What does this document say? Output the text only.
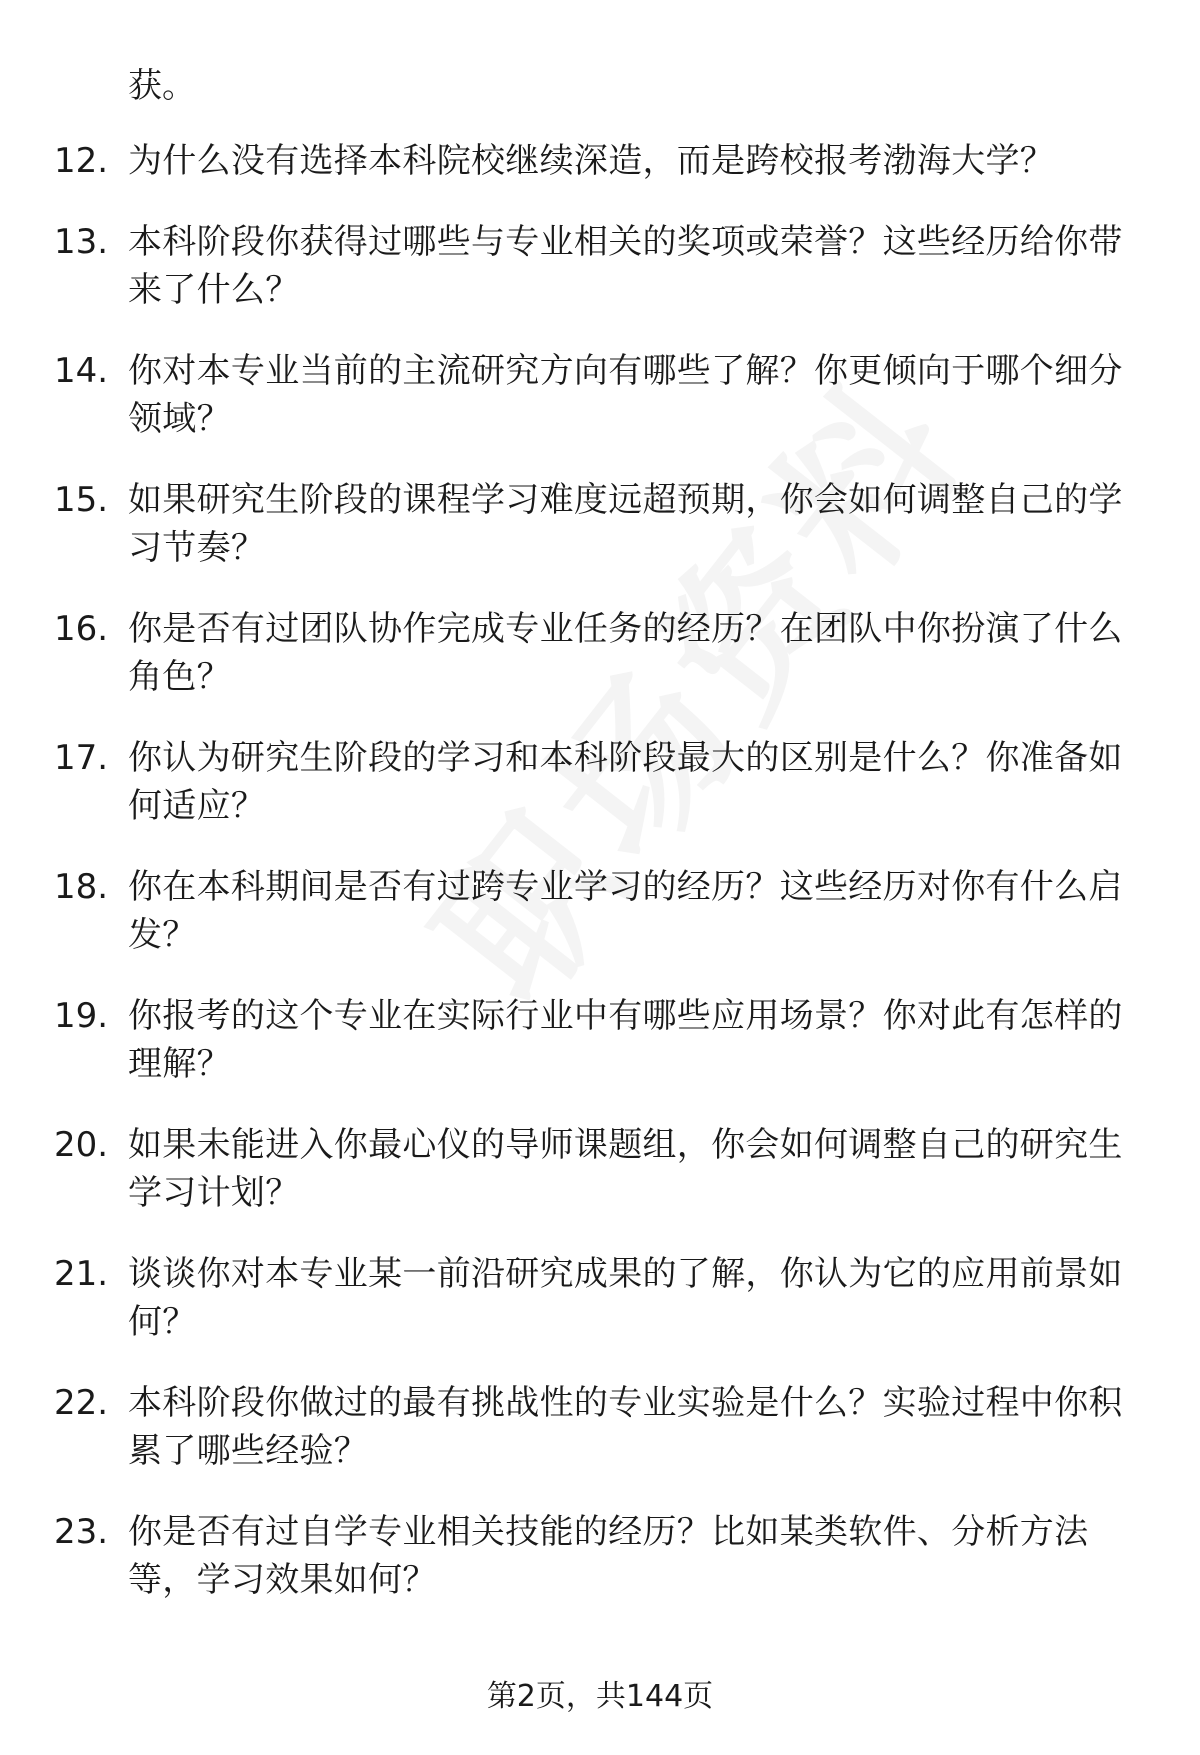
获。

12. 为什么没有选择本科院校继续深造，而是跨校报考渤海大学？
13. 本科阶段你获得过哪些与专业相关的奖项或荣誉？这些经历给你带来了什么？
14. 你对本专业当前的主流研究方向有哪些了解？你更倾向于哪个细分领域？
15. 如果研究生阶段的课程学习难度远超预期，你会如何调整自己的学习节奏？
16. 你是否有过团队协作完成专业任务的经历？在团队中你扮演了什么角色？
17. 你认为研究生阶段的学习和本科阶段最大的区别是什么？你准备如何适应？
18. 你在本科期间是否有过跨专业学习的经历？这些经历对你有什么启发？
19. 你报考的这个专业在实际行业中有哪些应用场景？你对此有怎样的理解？
20. 如果未能进入你最心仪的导师课题组，你会如何调整自己的研究生学习计划？
21. 谈谈你对本专业某一前沿研究成果的了解，你认为它的应用前景如何？
22. 本科阶段你做过的最有挑战性的专业实验是什么？实验过程中你积累了哪些经验？
23. 你是否有过自学专业相关技能的经历？比如某类软件、分析方法等，学习效果如何？
第2页，共144页
